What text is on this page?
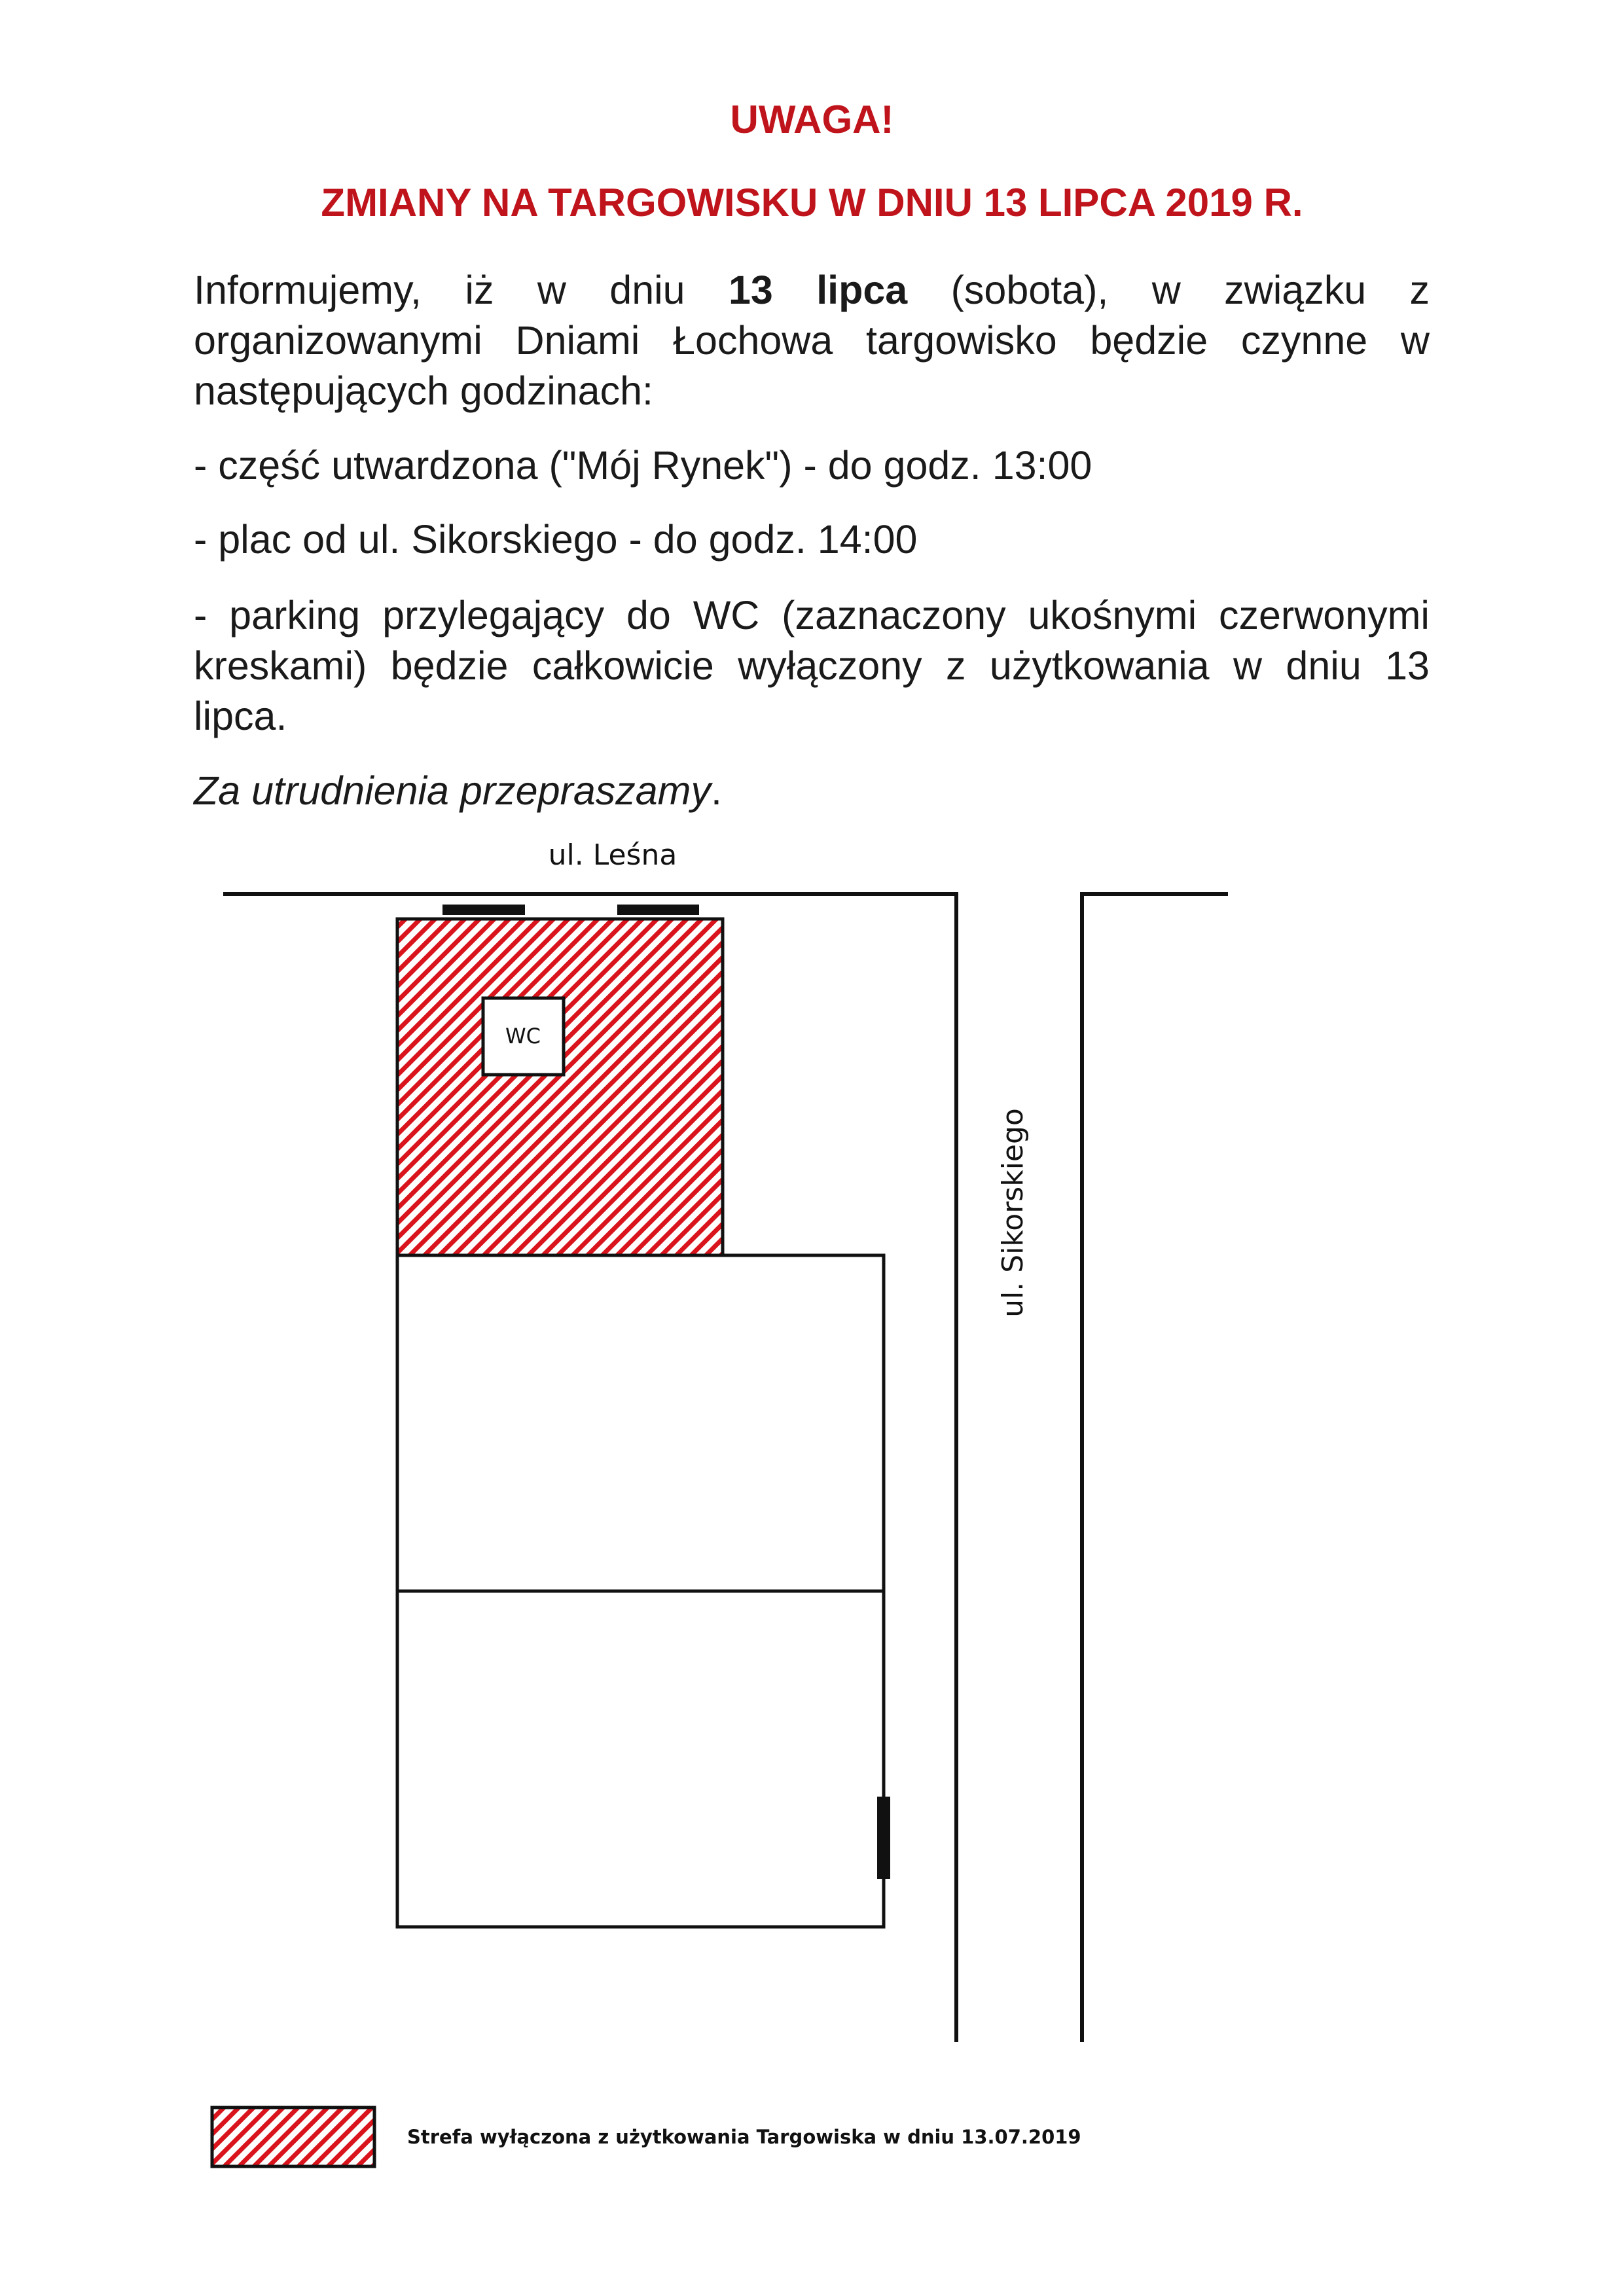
UWAGA!
ZMIANY NA TARGOWISKU W DNIU 13 LIPCA 2019 R.
Informujemy, iż w dniu 13 lipca (sobota), w związku z organizowanymi Dniami Łochowa targowisko będzie czynne w następujących godzinach:
- część utwardzona ("Mój Rynek") - do godz. 13:00
- plac od ul. Sikorskiego - do godz. 14:00
- parking przylegający do WC (zaznaczony ukośnymi czerwonymi kreskami) będzie całkowicie wyłączony z użytkowania w dniu 13 lipca.
Za utrudnienia przepraszamy.
ul. Leśna
ul. Sikorskiego
WC
Strefa wyłączona z użytkowania Targowiska w dniu 13.07.2019
